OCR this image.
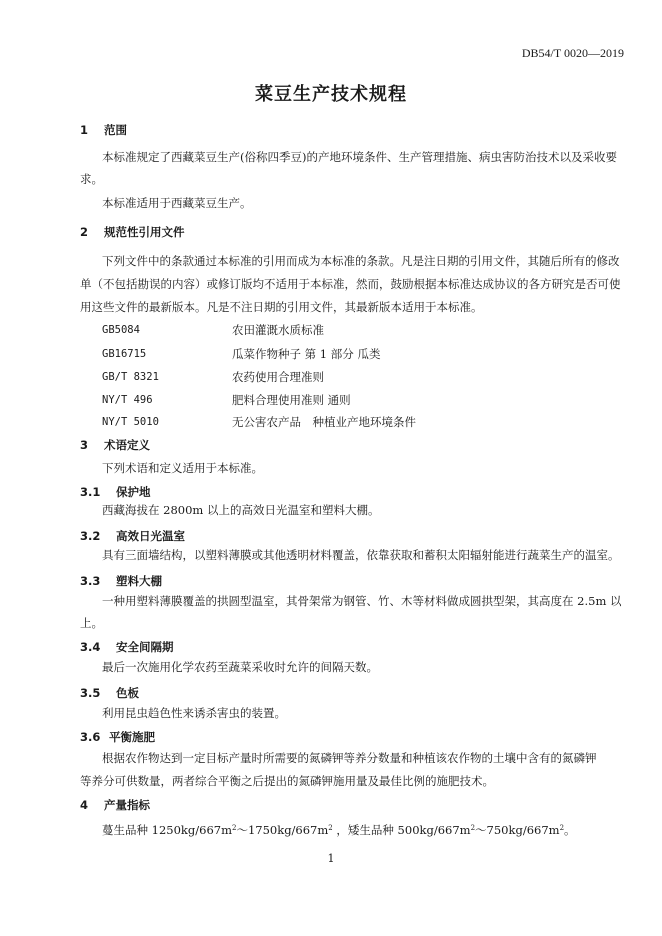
DB54/T 0020—2019
菜豆生产技术规程
1 范围
本标准规定了西藏菜豆生产(俗称四季豆)的产地环境条件、生产管理措施、病虫害防治技术以及采收要
求。
本标准适用于西藏菜豆生产。
2 规范性引用文件
下列文件中的条款通过本标准的引用而成为本标准的条款。凡是注日期的引用文件，其随后所有的修改
单（不包括勘误的内容）或修订版均不适用于本标准，然而，鼓励根据本标准达成协议的各方研究是否可使
用这些文件的最新版本。凡是不注日期的引用文件，其最新版本适用于本标准。
GB5084	农田灌溉水质标准
GB16715	瓜菜作物种子 第 1 部分 瓜类
GB/T 8321	农药使用合理准则
NY/T 496	肥料合理使用准则 通则
NY/T 5010	无公害农产品　种植业产地环境条件
3 术语定义
下列术语和定义适用于本标准。
3.1 保护地
西藏海拔在 2800m 以上的高效日光温室和塑料大棚。
3.2 高效日光温室
具有三面墙结构，以塑料薄膜或其他透明材料覆盖，依靠获取和蓄积太阳辐射能进行蔬菜生产的温室。
3.3 塑料大棚
一种用塑料薄膜覆盖的拱圆型温室，其骨架常为钢管、竹、木等材料做成圆拱型架，其高度在 2.5m 以
上。
3.4 安全间隔期
最后一次施用化学农药至蔬菜采收时允许的间隔天数。
3.5 色板
利用昆虫趋色性来诱杀害虫的装置。
3.6 平衡施肥
根据农作物达到一定目标产量时所需要的氮磷钾等养分数量和种植该农作物的土壤中含有的氮磷钾
等养分可供数量，两者综合平衡之后提出的氮磷钾施用量及最佳比例的施肥技术。
4 产量指标
蔓生品种 $1250kg/667m^2\sim 1750kg/667m^2$ ，矮生品种 $500kg/667m^2\sim 750kg/667m^2$。
1
